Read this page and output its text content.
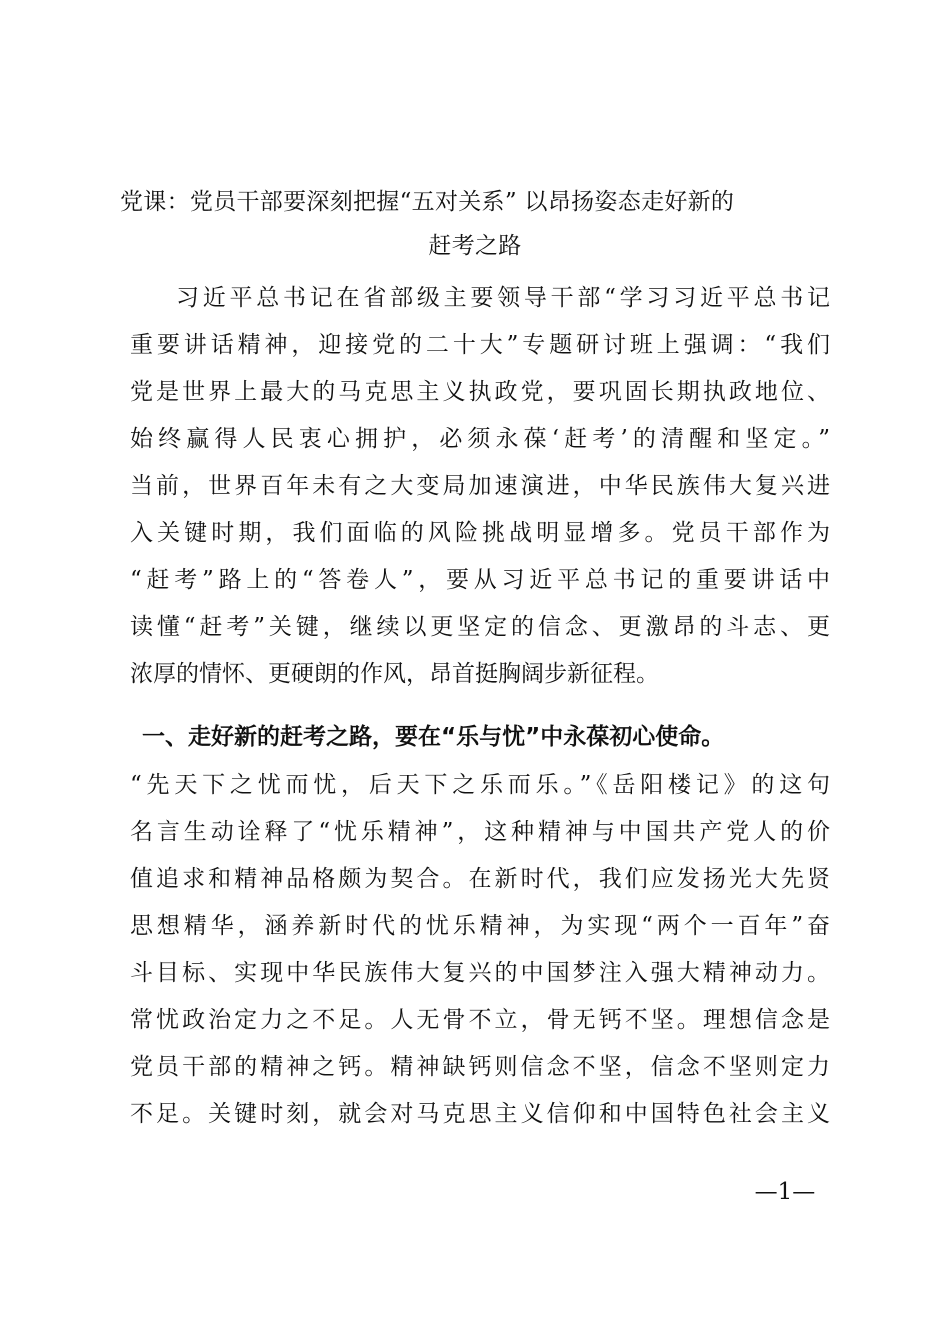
党课：党员干部要深刻把握“五对关系” 以昂扬姿态走好新的
赶考之路
习近平总书记在省部级主要领导干部“学习习近平总书记
重要讲话精神，迎接党的二十大”专题研讨班上强调：“我们
党是世界上最大的马克思主义执政党，要巩固长期执政地位、
始终赢得人民衷心拥护，必须永葆‘赶考’的清醒和坚定。”
当前，世界百年未有之大变局加速演进，中华民族伟大复兴进
入关键时期，我们面临的风险挑战明显增多。党员干部作为
“赶考”路上的“答卷人”，要从习近平总书记的重要讲话中
读懂“赶考”关键，继续以更坚定的信念、更激昂的斗志、更
浓厚的情怀、更硬朗的作风，昂首挺胸阔步新征程。
一、走好新的赶考之路，要在“乐与忧”中永葆初心使命。
“先天下之忧而忧，后天下之乐而乐。”《岳阳楼记》的这句
名言生动诠释了“忧乐精神”，这种精神与中国共产党人的价
值追求和精神品格颇为契合。在新时代，我们应发扬光大先贤
思想精华，涵养新时代的忧乐精神，为实现“两个一百年”奋
斗目标、实现中华民族伟大复兴的中国梦注入强大精神动力。
常忧政治定力之不足。人无骨不立，骨无钙不坚。理想信念是
党员干部的精神之钙。精神缺钙则信念不坚，信念不坚则定力
不足。关键时刻，就会对马克思主义信仰和中国特色社会主义
—1—
